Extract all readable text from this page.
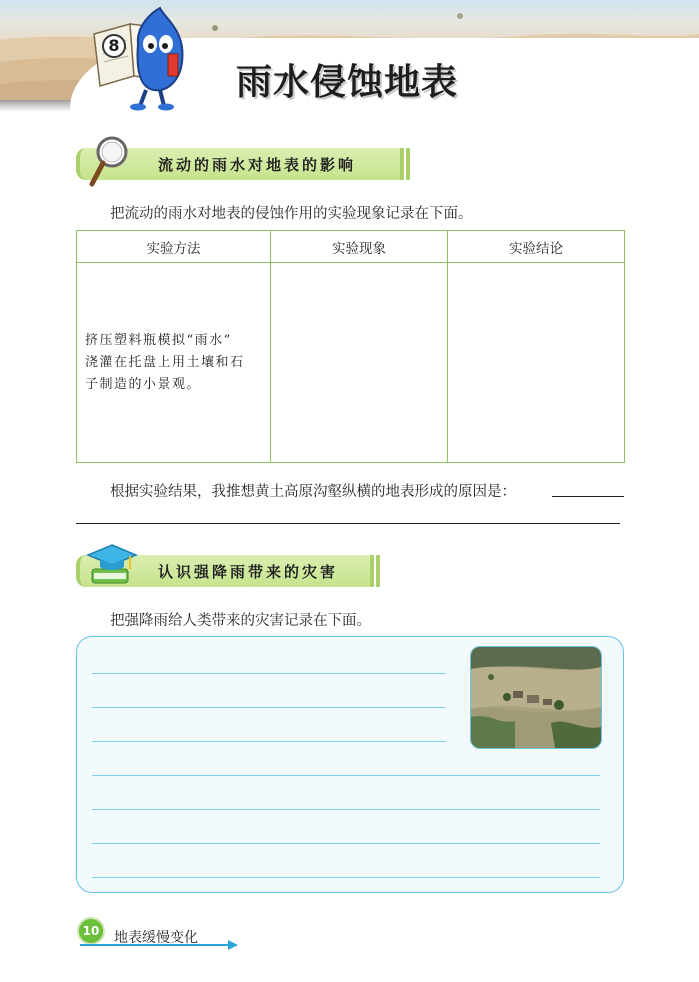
8
雨水侵蚀地表
流动的雨水对地表的影响
把流动的雨水对地表的侵蚀作用的实验现象记录在下面。
实验方法	实验现象	实验结论

挤压塑料瓶模拟“雨水”
浇灌在托盘上用土壤和石
子制造的小景观。		

根据实验结果，我推想黄土高原沟壑纵横的地表形成的原因是：
认识强降雨带来的灾害
把强降雨给人类带来的灾害记录在下面。
10	地表缓慢变化
